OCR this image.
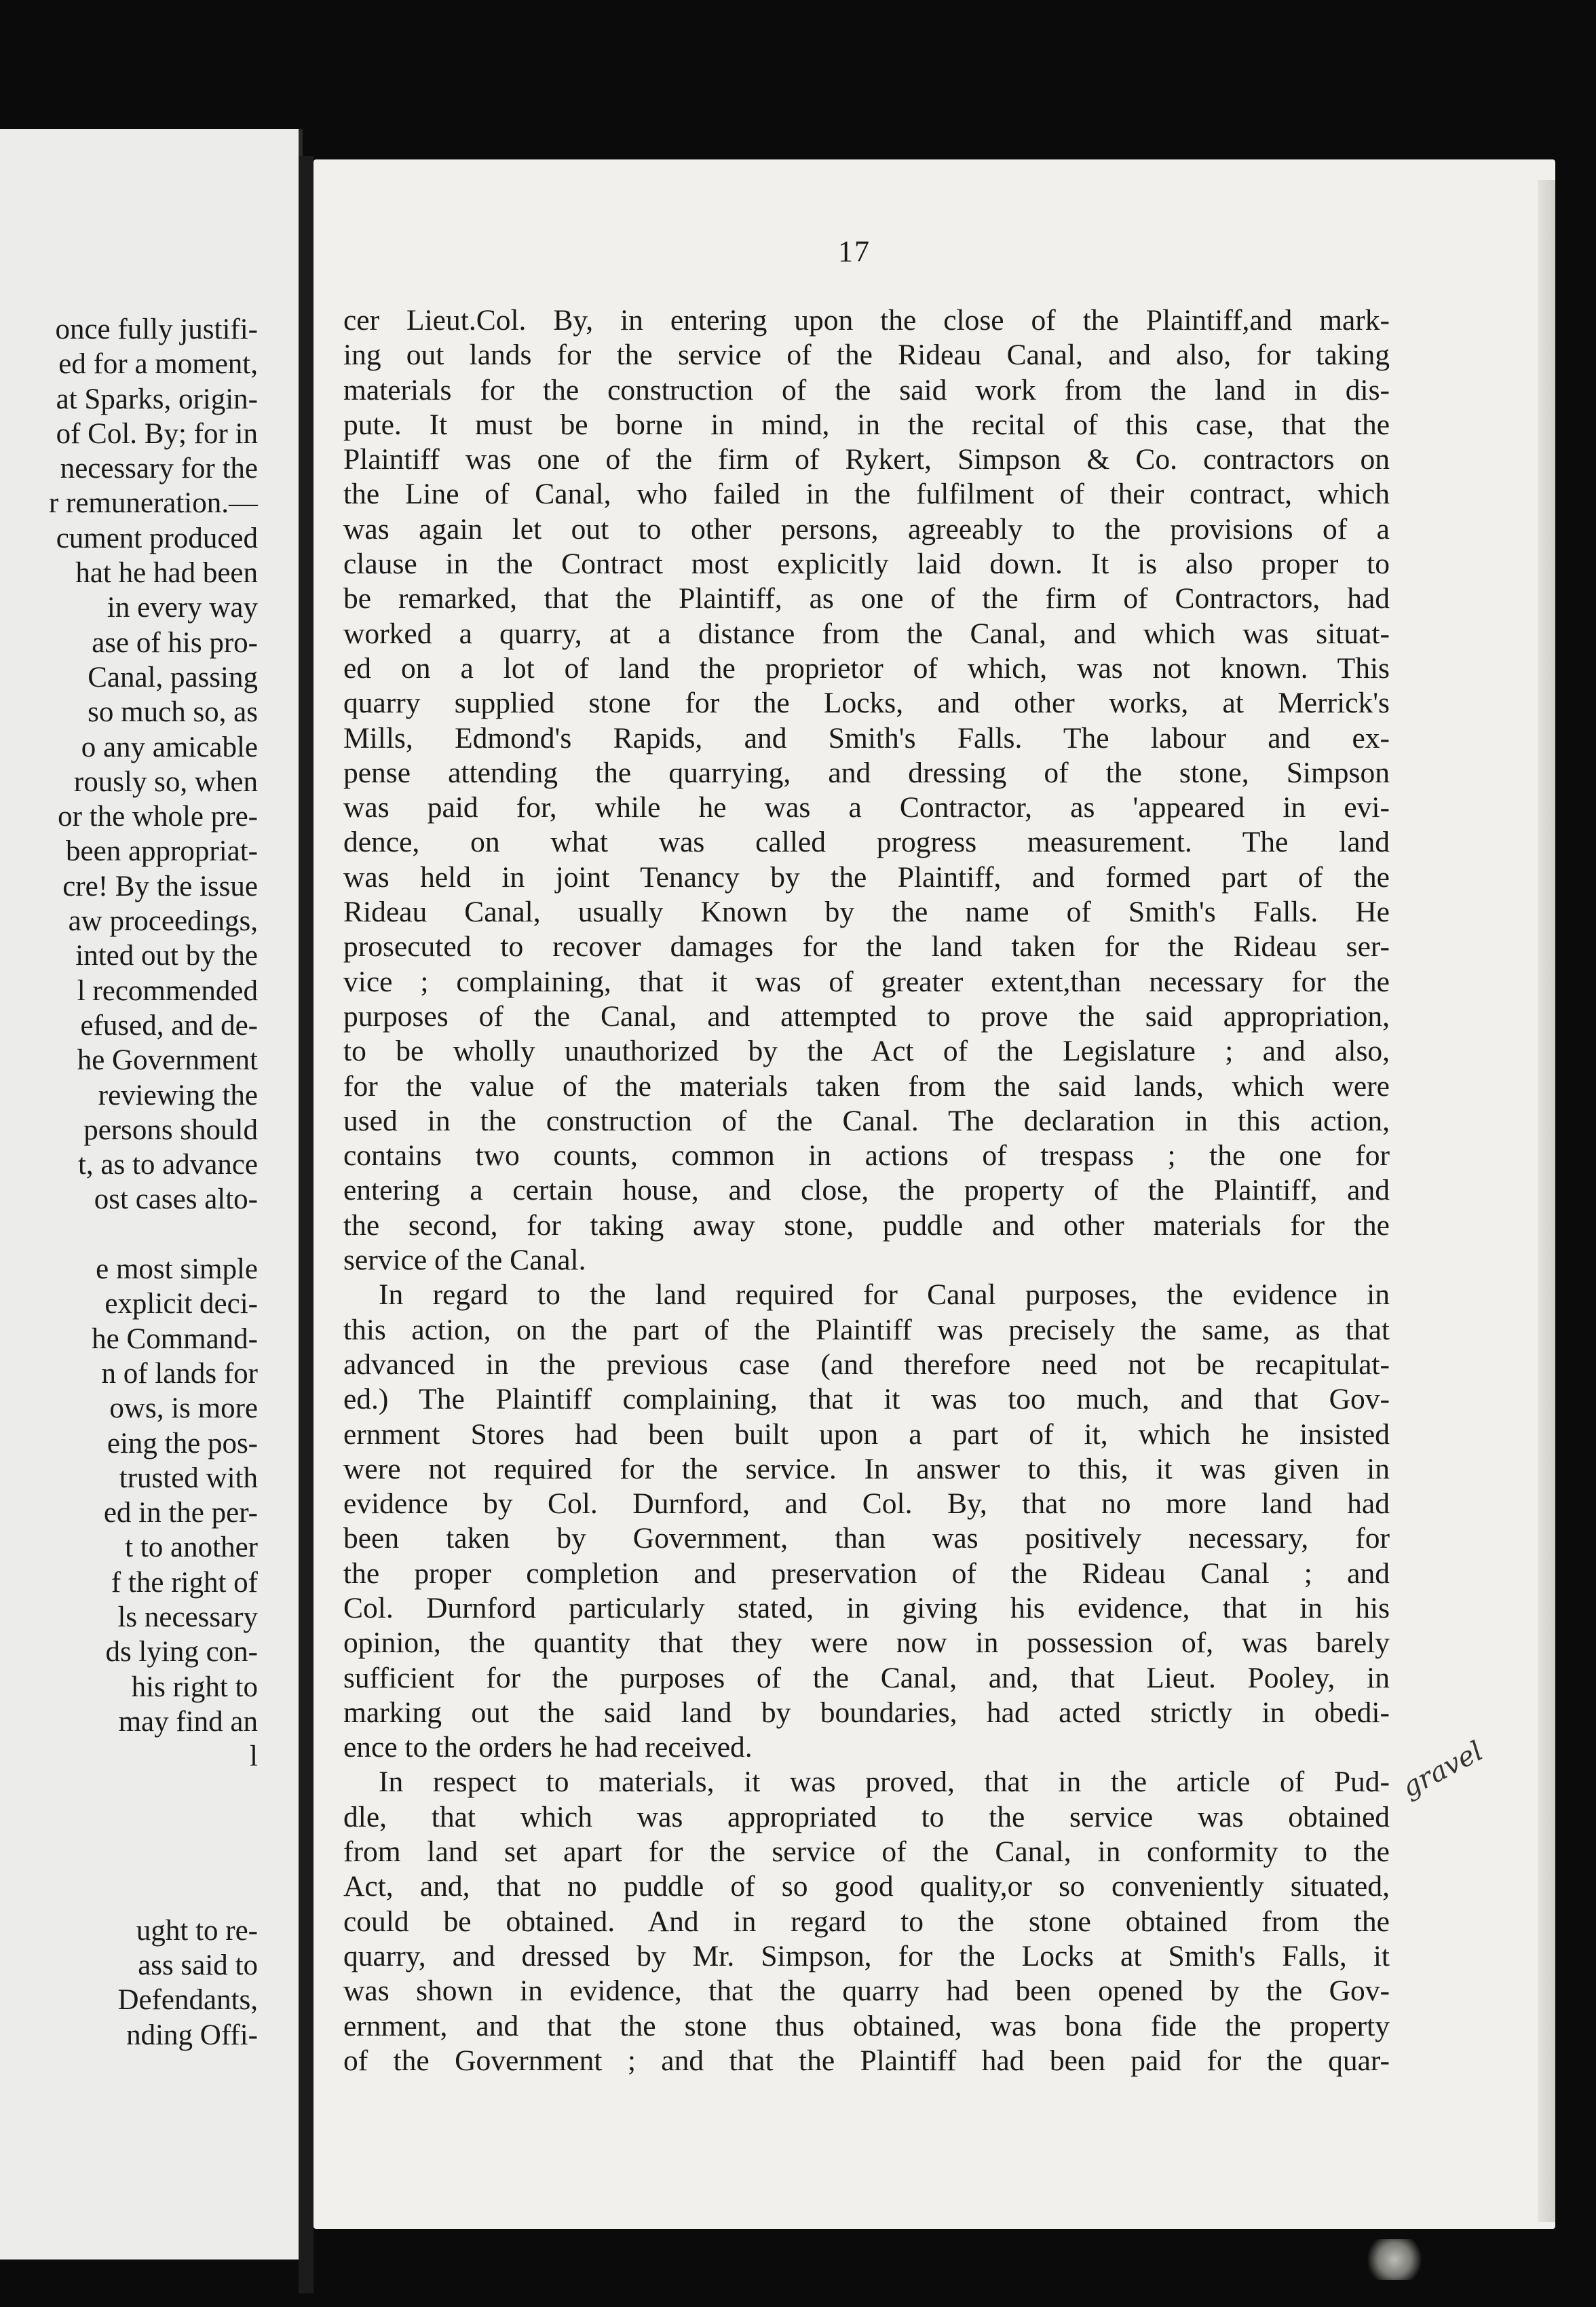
once fully justifi-
ed for a moment,
at Sparks, origin-
of Col. By; for in
necessary for the
r remuneration.—
cument produced
hat he had been
in every way
ase of his pro-
Canal, passing
so much so, as
o any amicable
rously so, when
or the whole pre-
been appropriat-
cre! By the issue
aw proceedings,
inted out by the
l recommended
efused, and de-
he Government
reviewing the
persons should
t, as to advance
ost cases alto-
e most simple
explicit deci-
he Command-
n of lands for
ows, is more
eing the pos-
trusted with
ed in the per-
t to another
f the right of
ls necessary
ds lying con-
his right to
may find an
l
ught to re-
ass said to
Defendants,
nding Offi-
17
cer Lieut.Col. By, in entering upon the close of the Plaintiff,and mark-
ing out lands for the service of the Rideau Canal, and also, for taking
materials for the construction of the said work from the land in dis-
pute. It must be borne in mind, in the recital of this case, that the
Plaintiff was one of the firm of Rykert, Simpson & Co. contractors on
the Line of Canal, who failed in the fulfilment of their contract, which
was again let out to other persons, agreeably to the provisions of a
clause in the Contract most explicitly laid down. It is also proper to
be remarked, that the Plaintiff, as one of the firm of Contractors, had
worked a quarry, at a distance from the Canal, and which was situat-
ed on a lot of land the proprietor of which, was not known. This
quarry supplied stone for the Locks, and other works, at Merrick's
Mills, Edmond's Rapids, and Smith's Falls. The labour and ex-
pense attending the quarrying, and dressing of the stone, Simpson
was paid for, while he was a Contractor, as 'appeared in evi-
dence, on what was called progress measurement. The land
was held in joint Tenancy by the Plaintiff, and formed part of the
Rideau Canal, usually Known by the name of Smith's Falls. He
prosecuted to recover damages for the land taken for the Rideau ser-
vice ; complaining, that it was of greater extent,than necessary for the
purposes of the Canal, and attempted to prove the said appropriation,
to be wholly unauthorized by the Act of the Legislature ; and also,
for the value of the materials taken from the said lands, which were
used in the construction of the Canal. The declaration in this action,
contains two counts, common in actions of trespass ; the one for
entering a certain house, and close, the property of the Plaintiff, and
the second, for taking away stone, puddle and other materials for the
service of the Canal.
In regard to the land required for Canal purposes, the evidence in
this action, on the part of the Plaintiff was precisely the same, as that
advanced in the previous case (and therefore need not be recapitulat-
ed.) The Plaintiff complaining, that it was too much, and that Gov-
ernment Stores had been built upon a part of it, which he insisted
were not required for the service. In answer to this, it was given in
evidence by Col. Durnford, and Col. By, that no more land had
been taken by Government, than was positively necessary, for
the proper completion and preservation of the Rideau Canal ; and
Col. Durnford particularly stated, in giving his evidence, that in his
opinion, the quantity that they were now in possession of, was barely
sufficient for the purposes of the Canal, and, that Lieut. Pooley, in
marking out the said land by boundaries, had acted strictly in obedi-
ence to the orders he had received.
In respect to materials, it was proved, that in the article of Pud-
dle, that which was appropriated to the service was obtained
from land set apart for the service of the Canal, in conformity to the
Act, and, that no puddle of so good quality,or so conveniently situated,
could be obtained. And in regard to the stone obtained from the
quarry, and dressed by Mr. Simpson, for the Locks at Smith's Falls, it
was shown in evidence, that the quarry had been opened by the Gov-
ernment, and that the stone thus obtained, was bona fide the property
of the Government ; and that the Plaintiff had been paid for the quar-
gravel
